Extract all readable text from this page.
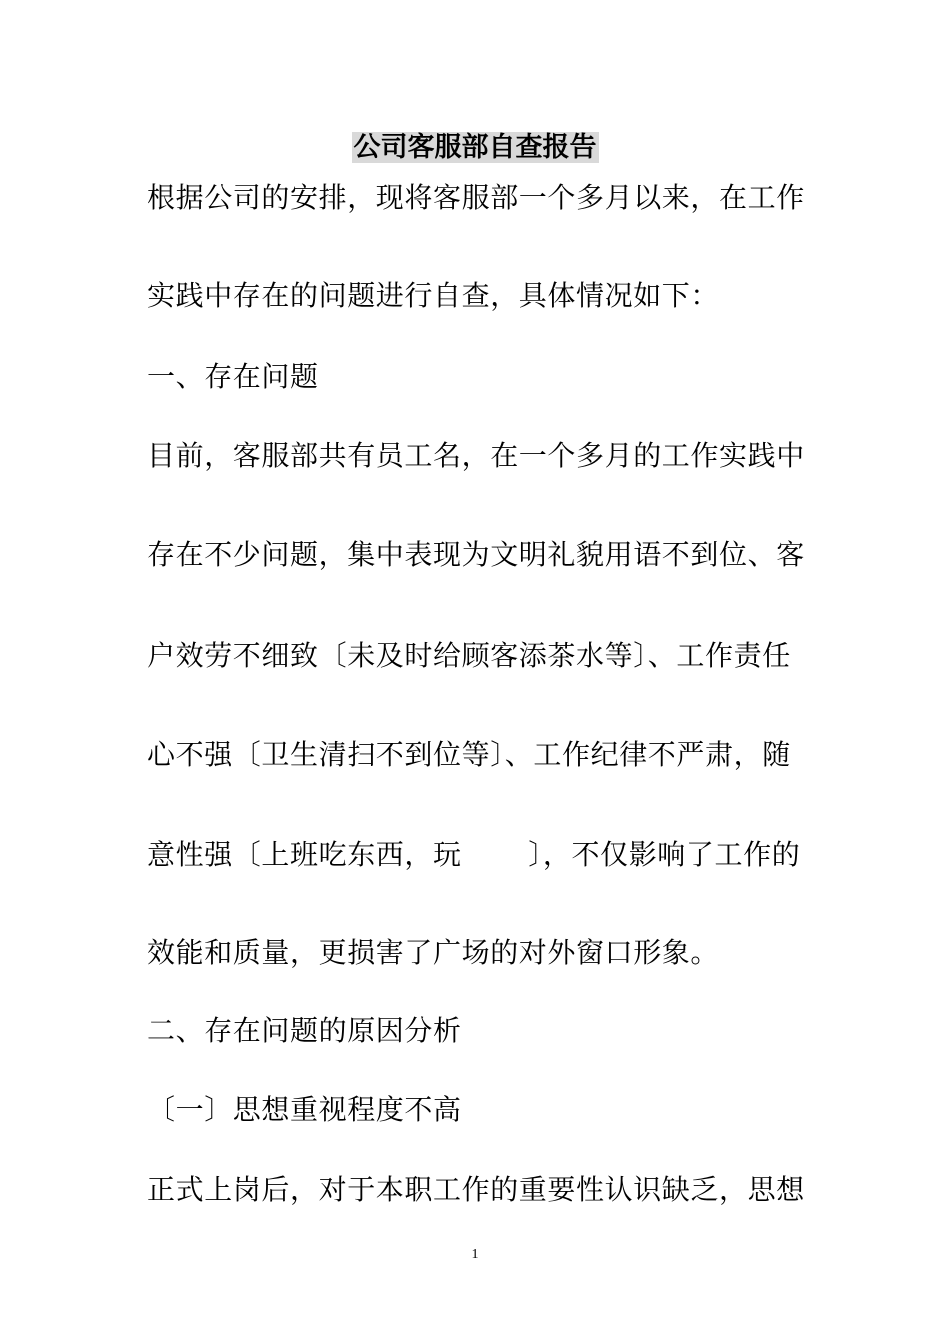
公司客服部自查报告
根据公司的安排，现将客服部一个多月以来，在工作
实践中存在的问题进行自查，具体情况如下：
一、存在问题
目前，客服部共有员工名，在一个多月的工作实践中
存在不少问题，集中表现为文明礼貌用语不到位、客
户效劳不细致〔未及时给顾客添茶水等〕、工作责任
心不强〔卫生清扫不到位等〕、工作纪律不严肃，随
意性强〔上班吃东西，玩 　　〕，不仅影响了工作的
效能和质量，更损害了广场的对外窗口形象。
二、存在问题的原因分析
〔一〕思想重视程度不高
正式上岗后，对于本职工作的重要性认识缺乏，思想
1
